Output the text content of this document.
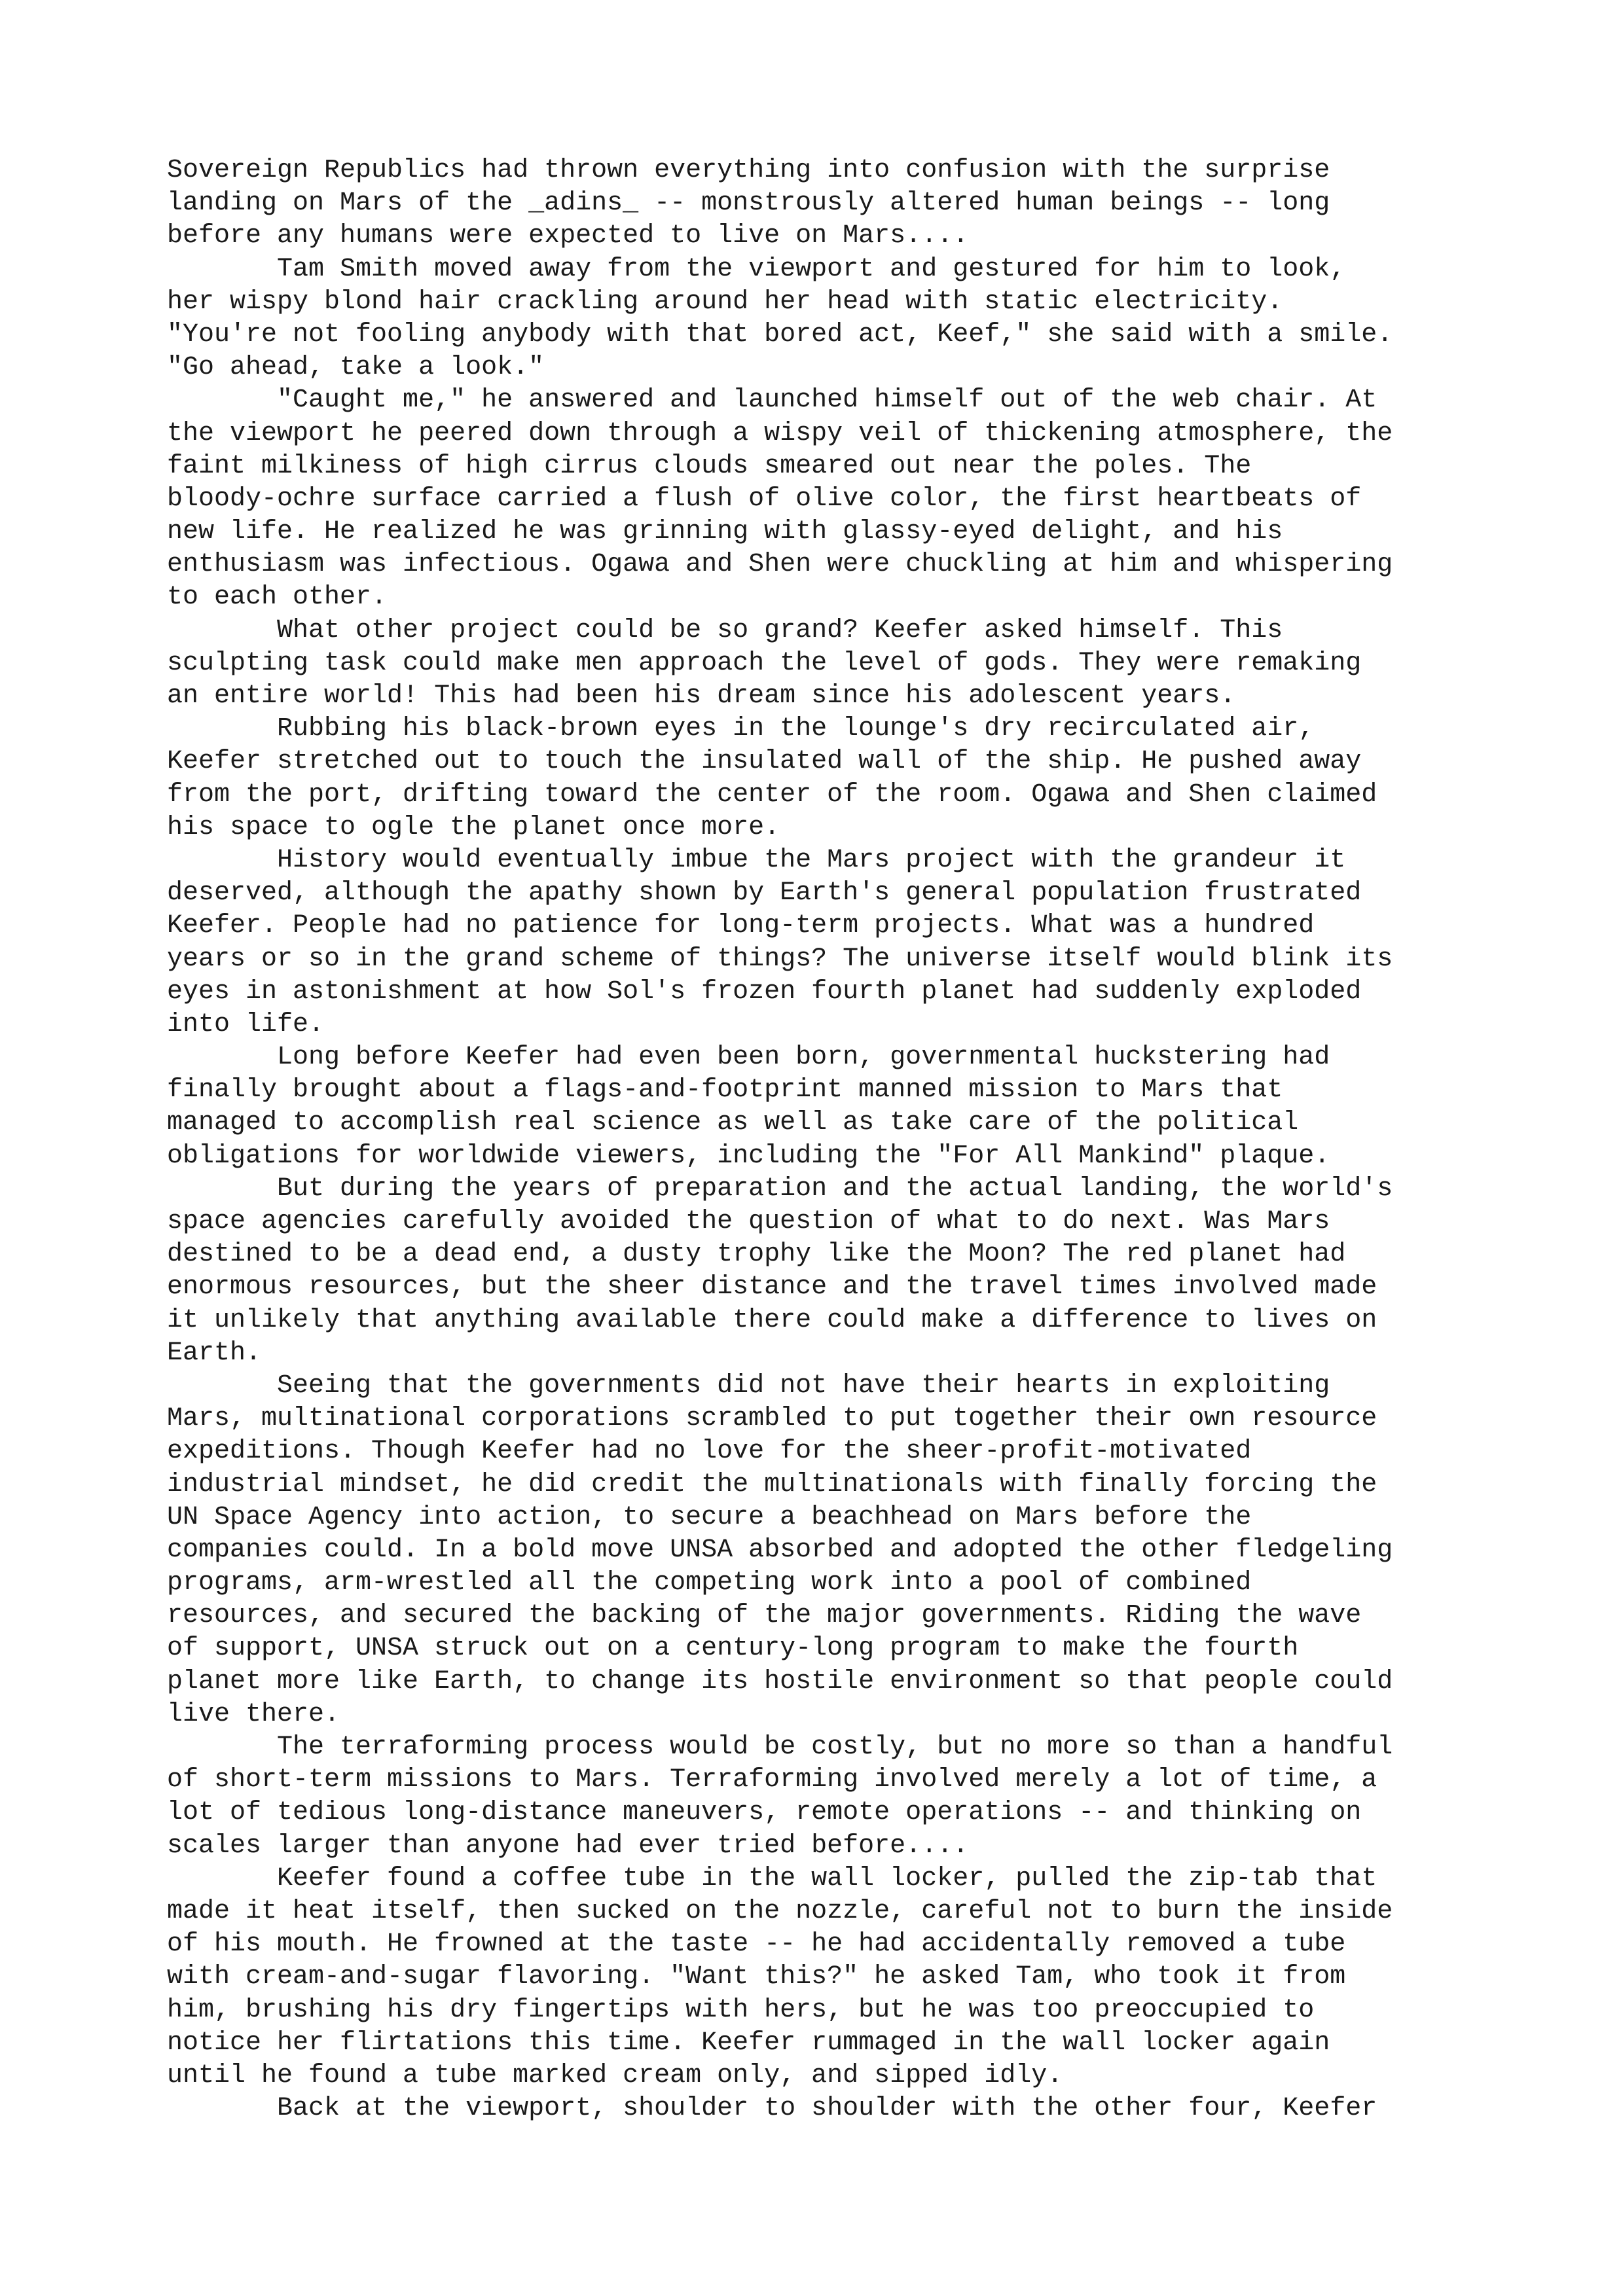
Sovereign Republics had thrown everything into confusion with the surprise
landing on Mars of the _adins_ -- monstrously altered human beings -- long
before any humans were expected to live on Mars....
Tam Smith moved away from the viewport and gestured for him to look,
her wispy blond hair crackling around her head with static electricity.
"You're not fooling anybody with that bored act, Keef," she said with a smile.
"Go ahead, take a look."
"Caught me," he answered and launched himself out of the web chair. At
the viewport he peered down through a wispy veil of thickening atmosphere, the
faint milkiness of high cirrus clouds smeared out near the poles. The
bloody-ochre surface carried a flush of olive color, the first heartbeats of
new life. He realized he was grinning with glassy-eyed delight, and his
enthusiasm was infectious. Ogawa and Shen were chuckling at him and whispering
to each other.
What other project could be so grand? Keefer asked himself. This
sculpting task could make men approach the level of gods. They were remaking
an entire world! This had been his dream since his adolescent years.
Rubbing his black-brown eyes in the lounge's dry recirculated air,
Keefer stretched out to touch the insulated wall of the ship. He pushed away
from the port, drifting toward the center of the room. Ogawa and Shen claimed
his space to ogle the planet once more.
History would eventually imbue the Mars project with the grandeur it
deserved, although the apathy shown by Earth's general population frustrated
Keefer. People had no patience for long-term projects. What was a hundred
years or so in the grand scheme of things? The universe itself would blink its
eyes in astonishment at how Sol's frozen fourth planet had suddenly exploded
into life.
Long before Keefer had even been born, governmental huckstering had
finally brought about a flags-and-footprint manned mission to Mars that
managed to accomplish real science as well as take care of the political
obligations for worldwide viewers, including the "For All Mankind" plaque.
But during the years of preparation and the actual landing, the world's
space agencies carefully avoided the question of what to do next. Was Mars
destined to be a dead end, a dusty trophy like the Moon? The red planet had
enormous resources, but the sheer distance and the travel times involved made
it unlikely that anything available there could make a difference to lives on
Earth.
Seeing that the governments did not have their hearts in exploiting
Mars, multinational corporations scrambled to put together their own resource
expeditions. Though Keefer had no love for the sheer-profit-motivated
industrial mindset, he did credit the multinationals with finally forcing the
UN Space Agency into action, to secure a beachhead on Mars before the
companies could. In a bold move UNSA absorbed and adopted the other fledgeling
programs, arm-wrestled all the competing work into a pool of combined
resources, and secured the backing of the major governments. Riding the wave
of support, UNSA struck out on a century-long program to make the fourth
planet more like Earth, to change its hostile environment so that people could
live there.
The terraforming process would be costly, but no more so than a handful
of short-term missions to Mars. Terraforming involved merely a lot of time, a
lot of tedious long-distance maneuvers, remote operations -- and thinking on
scales larger than anyone had ever tried before....
Keefer found a coffee tube in the wall locker, pulled the zip-tab that
made it heat itself, then sucked on the nozzle, careful not to burn the inside
of his mouth. He frowned at the taste -- he had accidentally removed a tube
with cream-and-sugar flavoring. "Want this?" he asked Tam, who took it from
him, brushing his dry fingertips with hers, but he was too preoccupied to
notice her flirtations this time. Keefer rummaged in the wall locker again
until he found a tube marked cream only, and sipped idly.
Back at the viewport, shoulder to shoulder with the other four, Keefer
